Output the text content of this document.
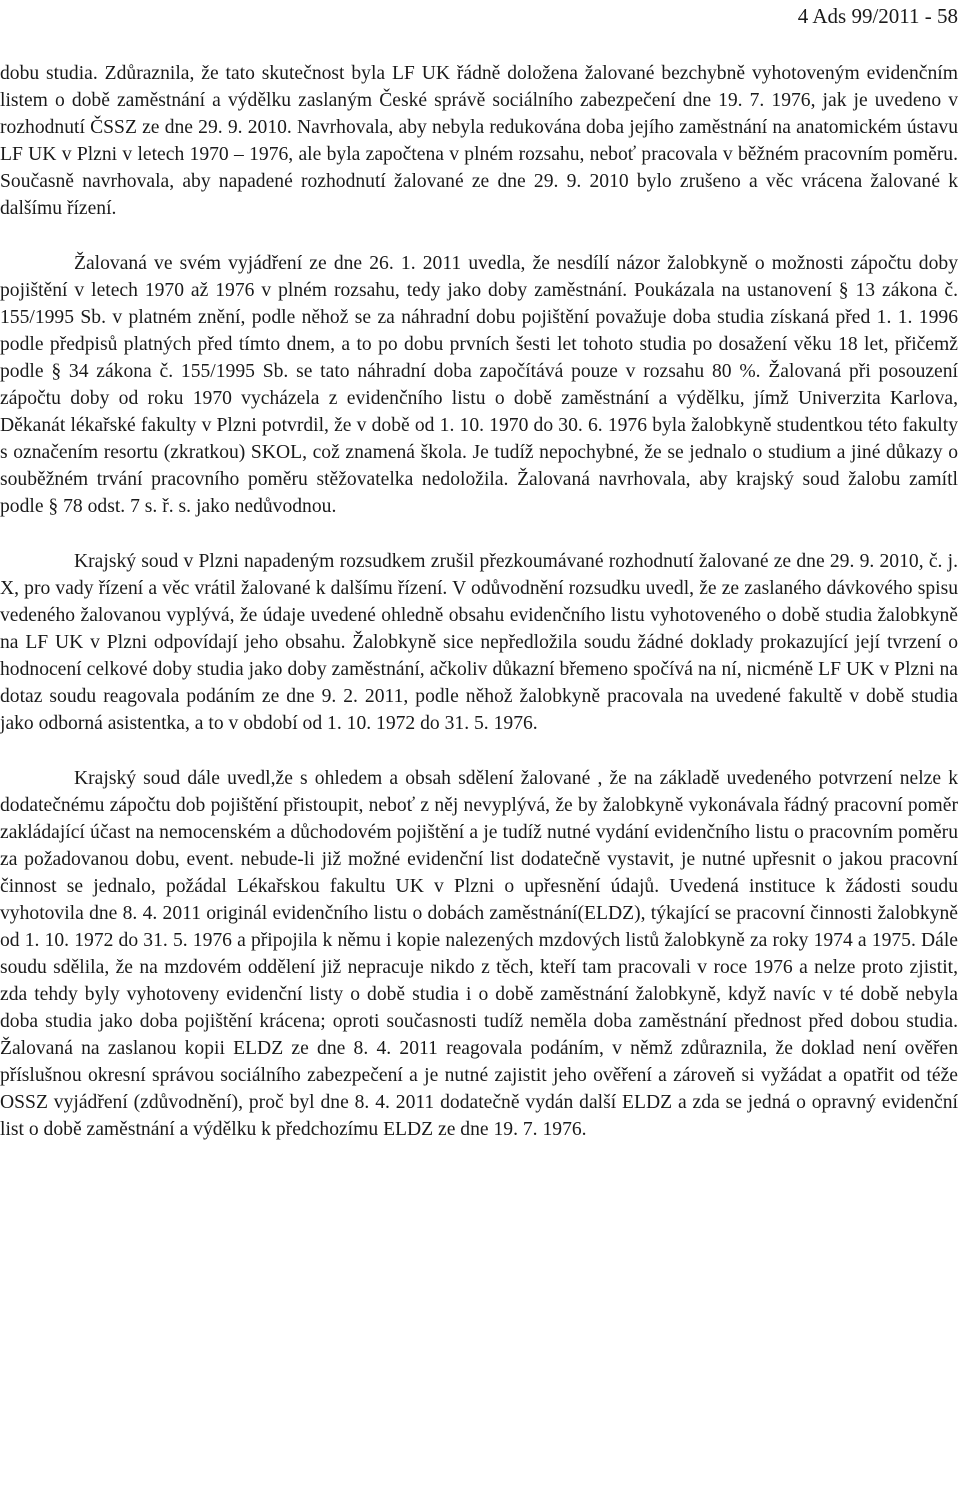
4 Ads 99/2011 - 58

dobu studia. Zdůraznila, že tato skutečnost byla LF UK řádně doložena žalované bezchybně vyhotoveným evidenčním listem o době zaměstnání a výdělku zaslaným České správě sociálního zabezpečení dne 19. 7. 1976, jak je uvedeno v rozhodnutí ČSSZ ze dne 29. 9. 2010. Navrhovala, aby nebyla redukována doba jejího zaměstnání na anatomickém ústavu LF UK v Plzni v letech 1970 – 1976, ale byla započtena v plném rozsahu, neboť pracovala v běžném pracovním poměru. Současně navrhovala, aby napadené rozhodnutí žalované ze dne 29. 9. 2010 bylo zrušeno a věc vrácena žalované k dalšímu řízení.

Žalovaná ve svém vyjádření ze dne 26. 1. 2011 uvedla, že nesdílí názor žalobkyně o možnosti zápočtu doby pojištění v letech 1970 až 1976 v plném rozsahu, tedy jako doby zaměstnání. Poukázala na ustanovení § 13 zákona č. 155/1995 Sb. v platném znění, podle něhož se za náhradní dobu pojištění považuje doba studia získaná před 1. 1. 1996 podle předpisů platných před tímto dnem, a to po dobu prvních šesti let tohoto studia po dosažení věku 18 let, přičemž podle § 34 zákona č. 155/1995 Sb. se tato náhradní doba započítává pouze v rozsahu 80 %. Žalovaná při posouzení zápočtu doby od roku 1970 vycházela z evidenčního listu o době zaměstnání a výdělku, jímž Univerzita Karlova, Děkanát lékařské fakulty v Plzni potvrdil, že v době od 1. 10. 1970 do 30. 6. 1976 byla žalobkyně studentkou této fakulty s označením resortu (zkratkou) SKOL, což znamená škola. Je tudíž nepochybné, že se jednalo o studium a jiné důkazy o souběžném trvání pracovního poměru stěžovatelka nedoložila. Žalovaná navrhovala, aby krajský soud žalobu zamítl podle § 78 odst. 7 s. ř. s. jako nedůvodnou.

Krajský soud v Plzni napadeným rozsudkem zrušil přezkoumávané rozhodnutí žalované ze dne 29. 9. 2010, č. j. X, pro vady řízení a věc vrátil žalované k dalšímu řízení. V odůvodnění rozsudku uvedl, že ze zaslaného dávkového spisu vedeného žalovanou vyplývá, že údaje uvedené ohledně obsahu evidenčního listu vyhotoveného o době studia žalobkyně na LF UK v Plzni odpovídají jeho obsahu. Žalobkyně sice nepředložila soudu žádné doklady prokazující její tvrzení o hodnocení celkové doby studia jako doby zaměstnání, ačkoliv důkazní břemeno spočívá na ní, nicméně LF UK v Plzni na dotaz soudu reagovala podáním ze dne 9. 2. 2011, podle něhož žalobkyně pracovala na uvedené fakultě v době studia jako odborná asistentka, a to v období od 1. 10. 1972 do 31. 5. 1976.

Krajský soud dále uvedl,že s ohledem a obsah sdělení žalované , že na základě uvedeného potvrzení nelze k dodatečnému zápočtu dob pojištění přistoupit, neboť z něj nevyplývá, že by žalobkyně vykonávala řádný pracovní poměr zakládající účast na nemocenském a důchodovém pojištění a je tudíž nutné vydání evidenčního listu o pracovním poměru za požadovanou dobu, event. nebude-li již možné evidenční list dodatečně vystavit, je nutné upřesnit o jakou pracovní činnost se jednalo, požádal Lékařskou fakultu UK v Plzni o upřesnění údajů. Uvedená instituce k žádosti soudu vyhotovila dne 8. 4. 2011 originál evidenčního listu o dobách zaměstnání(ELDZ), týkající se pracovní činnosti žalobkyně od 1. 10. 1972 do 31. 5. 1976 a připojila k němu i kopie nalezených mzdových listů žalobkyně za roky 1974 a 1975. Dále soudu sdělila, že na mzdovém oddělení již nepracuje nikdo z těch, kteří tam pracovali v roce 1976 a nelze proto zjistit, zda tehdy byly vyhotoveny evidenční listy o době studia i o době zaměstnání žalobkyně, když navíc v té době nebyla doba studia jako doba pojištění krácena; oproti současnosti tudíž neměla doba zaměstnání přednost před dobou studia. Žalovaná na zaslanou kopii ELDZ ze dne 8. 4. 2011 reagovala podáním, v němž zdůraznila, že doklad není ověřen příslušnou okresní správou sociálního zabezpečení a je nutné zajistit jeho ověření a zároveň si vyžádat a opatřit od téže OSSZ vyjádření (zdůvodnění), proč byl dne 8. 4. 2011 dodatečně vydán další ELDZ a zda se jedná o opravný evidenční list o době zaměstnání a výdělku k předchozímu ELDZ ze dne 19. 7. 1976.
